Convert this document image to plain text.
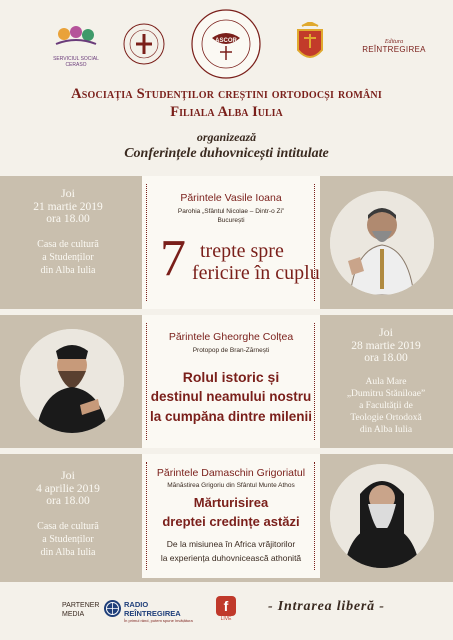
SERVICIUL SOCIAL CERASO
ASCOR	Editura
REÎNTREGIREA
Asociația Studenților creștini ortodocși români
Filiala Alba Iulia
organizează
Conferințele duhovnicești intitulate
Joi
21 martie 2019
ora 18.00
Casa de cultură
a Studenților
din Alba Iulia
Părintele Vasile Ioana
Parohia „Sfântul Nicolae – Dintr-o Zi”
București
7 trepte spre
fericire în cuplu
Părintele Gheorghe Colțea
Protopop de Bran-Zărnești
Rolul istoric și
destinul neamului nostru
la cumpăna dintre milenii
Joi
28 martie 2019
ora 18.00
Aula Mare
„Dumitru Stăniloae”
a Facultății de
Teologie Ortodoxă
din Alba Iulia
Joi
4 aprilie 2019
ora 18.00
Casa de cultură
a Studenților
din Alba Iulia
Părintele Damaschin Grigoriatul
Mănăstirea Grigoriu din Sfântul Munte Athos
Mărturisirea
dreptei credințe astăzi
De la misiunea în Africa vrăjitorilor
la experiența duhovnicească athonită
PARTENER
MEDIA
RADIO
REÎNTREGIREA
În primul rând, putem spune învățătura
f
LIVE
- Intrarea liberă -
